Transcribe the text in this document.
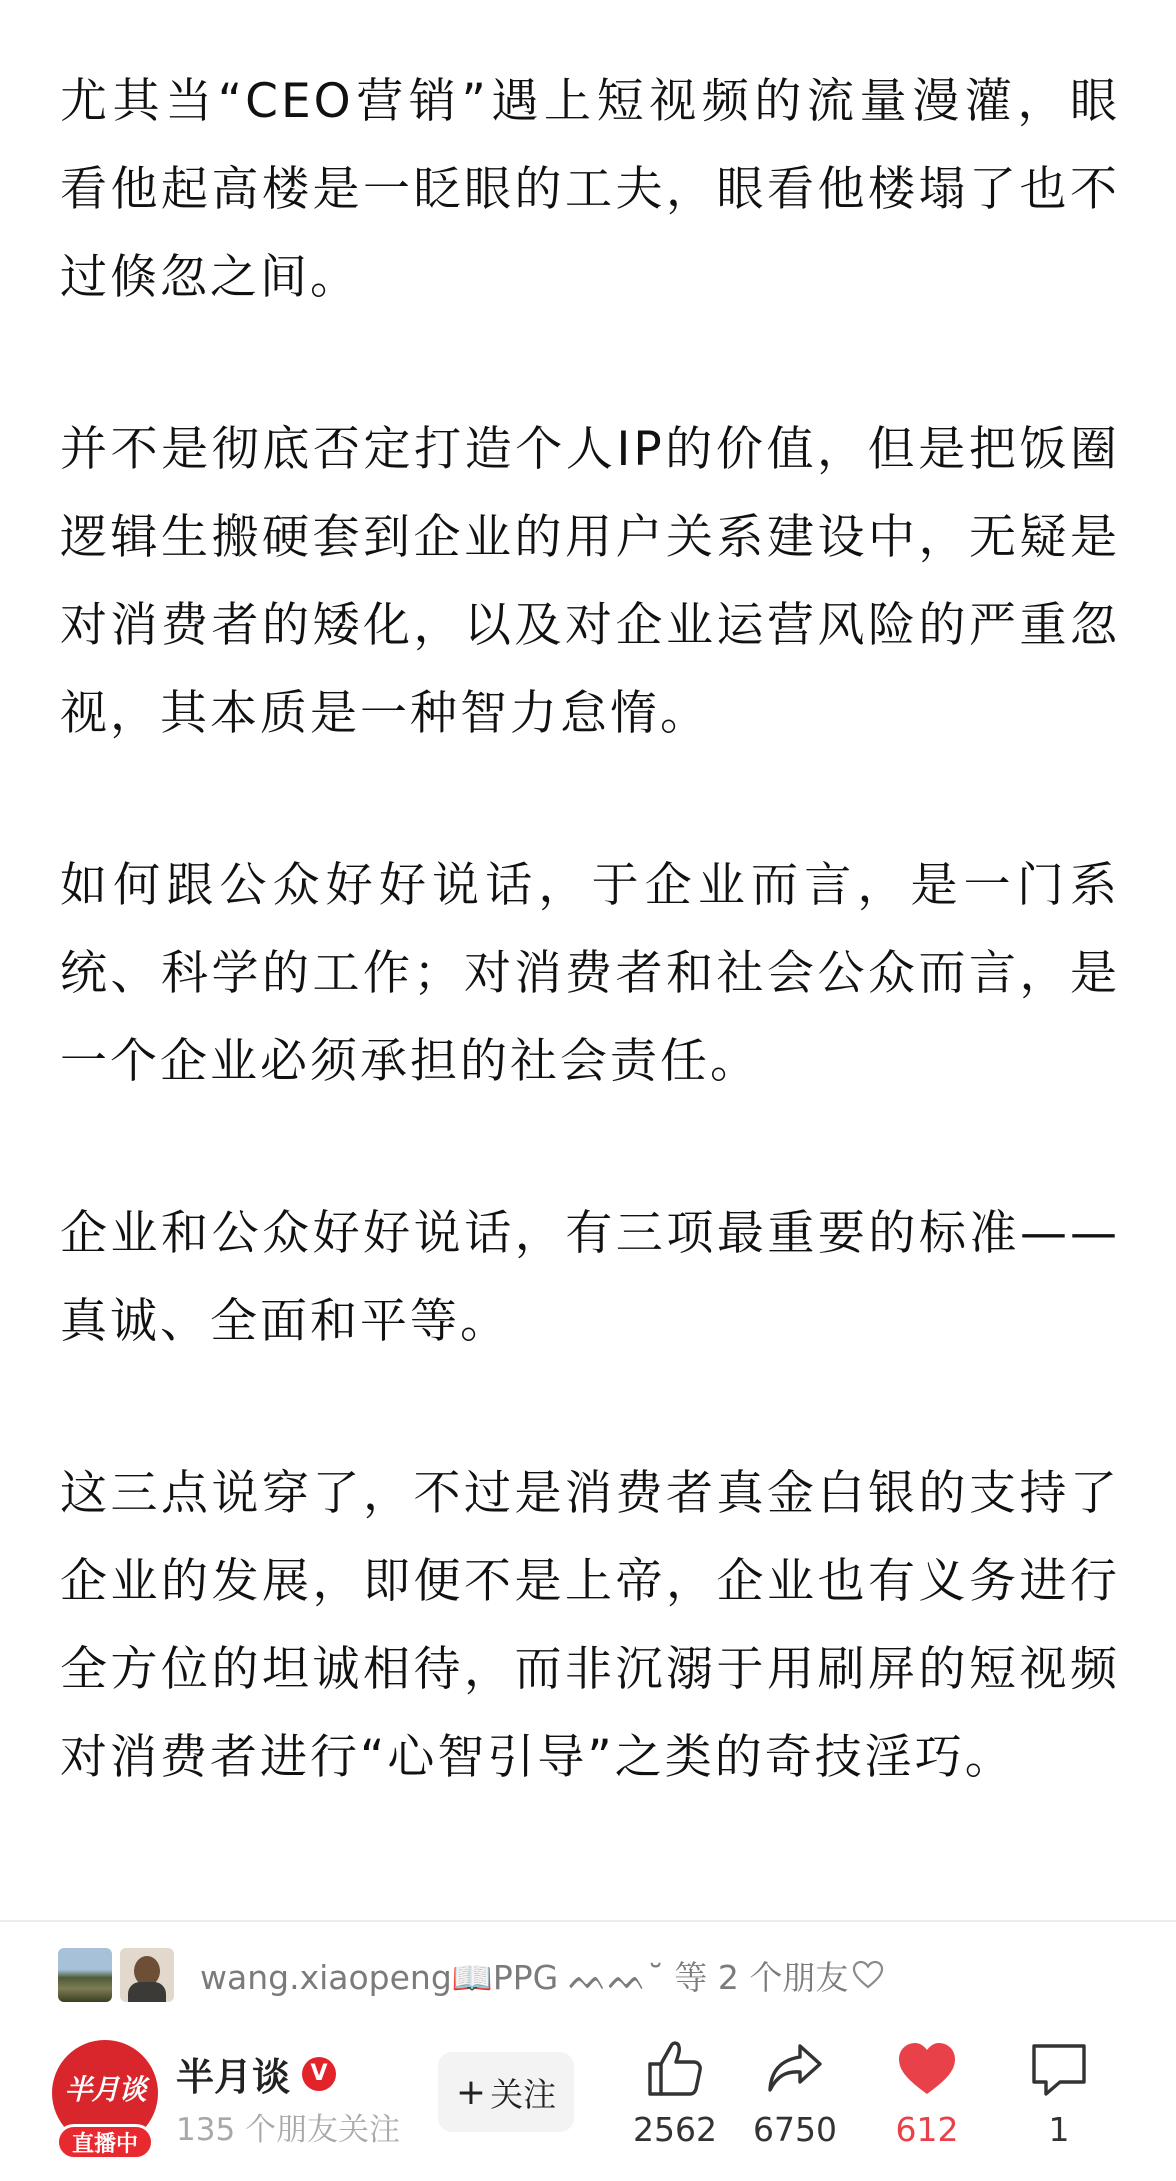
尤其当“CEO营销”遇上短视频的流量漫灌，眼看他起高楼是一眨眼的工夫，眼看他楼塌了也不过倏忽之间。

并不是彻底否定打造个人IP的价值，但是把饭圈逻辑生搬硬套到企业的用户关系建设中，无疑是对消费者的矮化，以及对企业运营风险的严重忽视，其本质是一种智力怠惰。

如何跟公众好好说话，于企业而言，是一门系统、科学的工作；对消费者和社会公众而言，是一个企业必须承担的社会责任。

企业和公众好好说话，有三项最重要的标准——真诚、全面和平等。

这三点说穿了，不过是消费者真金白银的支持了企业的发展，即便不是上帝，企业也有义务进行全方位的坦诚相待，而非沉溺于用刷屏的短视频对消费者进行“心智引导”之类的奇技淫巧。

wang.xiaopeng📖PPG ᨓᨓ˘ 等 2 个朋友
半月谈
直播中
半月谈 V
135 个朋友关注
+ 关注
2562 6750 612	1
